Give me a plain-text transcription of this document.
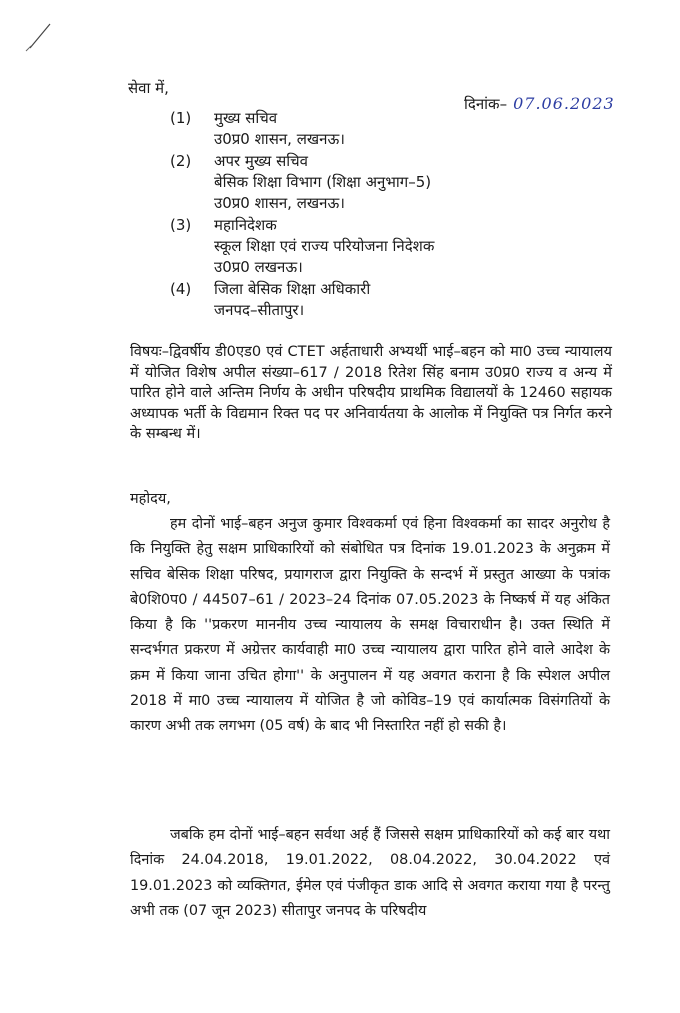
सेवा में,
दिनांक– 07.06.2023
(1)	मुख्य सचिव
उ0प्र0 शासन, लखनऊ।
(2)	अपर मुख्य सचिव
बेसिक शिक्षा विभाग (शिक्षा अनुभाग–5)
उ0प्र0 शासन, लखनऊ।
(3)	महानिदेशक
स्कूल शिक्षा एवं राज्य परियोजना निदेशक
उ0प्र0 लखनऊ।
(4)	जिला बेसिक शिक्षा अधिकारी
जनपद–सीतापुर।
विषयः–द्विवर्षीय डी0एड0 एवं CTET अर्हताधारी अभ्यर्थी भाई–बहन को मा0 उच्च न्यायालय में योजित विशेष अपील संख्या–617 / 2018 रितेश सिंह बनाम उ0प्र0 राज्य व अन्य में पारित होने वाले अन्तिम निर्णय के अधीन परिषदीय प्राथमिक विद्यालयों के 12460 सहायक अध्यापक भर्ती के विद्यमान रिक्त पद पर अनिवार्यतया के आलोक में नियुक्ति पत्र निर्गत करने के सम्बन्ध में।
महोदय,
हम दोनों भाई–बहन अनुज कुमार विश्वकर्मा एवं हिना विश्वकर्मा का सादर अनुरोध है कि नियुक्ति हेतु सक्षम प्राधिकारियों को संबोधित पत्र दिनांक 19.01.2023 के अनुक्रम में सचिव बेसिक शिक्षा परिषद, प्रयागराज द्वारा नियुक्ति के सन्दर्भ में प्रस्तुत आख्या के पत्रांक बे0शि0प0 / 44507–61 / 2023–24 दिनांक 07.05.2023 के निष्कर्ष में यह अंकित किया है कि ''प्रकरण माननीय उच्च न्यायालय के समक्ष विचाराधीन है। उक्त स्थिति में सन्दर्भगत प्रकरण में अग्रेत्तर कार्यवाही मा0 उच्च न्यायालय द्वारा पारित होने वाले आदेश के क्रम में किया जाना उचित होगा'' के अनुपालन में यह अवगत कराना है कि स्पेशल अपील 2018 में मा0 उच्च न्यायालय में योजित है जो कोविड–19 एवं कार्यात्मक विसंगतियों के कारण अभी तक लगभग (05 वर्ष) के बाद भी निस्तारित नहीं हो सकी है।
जबकि हम दोनों भाई–बहन सर्वथा अर्ह हैं जिससे सक्षम प्राधिकारियों को कई बार यथा दिनांक 24.04.2018, 19.01.2022, 08.04.2022, 30.04.2022 एवं 19.01.2023 को व्यक्तिगत, ईमेल एवं पंजीकृत डाक आदि से अवगत कराया गया है परन्तु अभी तक (07 जून 2023) सीतापुर जनपद के परिषदीय
